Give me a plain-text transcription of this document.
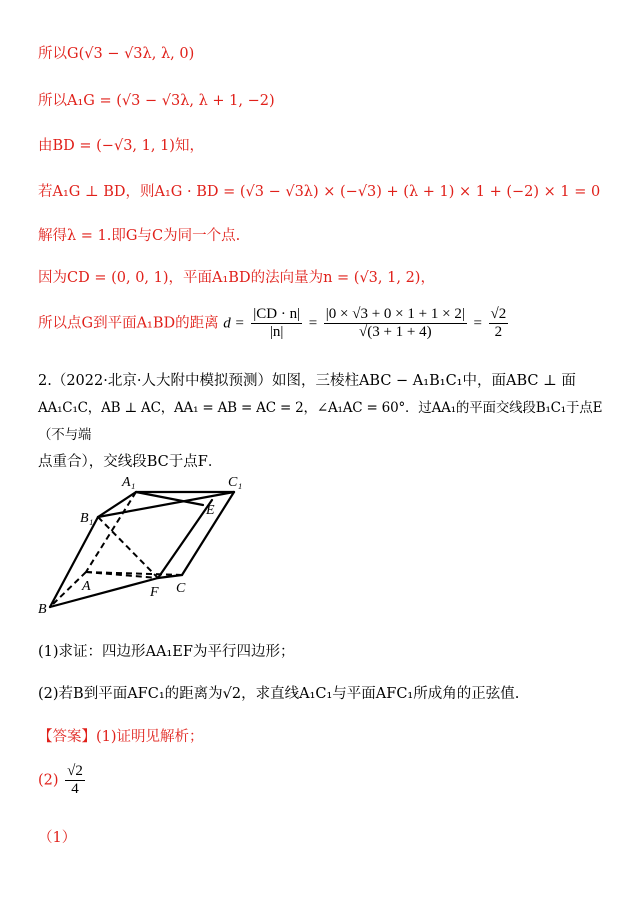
所以G(√3 − √3λ, λ, 0)
所以A₁G = (√3 − √3λ, λ + 1, −2)
由BD = (−√3, 1, 1)知，
若A₁G ⊥ BD，则A₁G · BD = (√3 − √3λ) × (−√3) + (λ + 1) × 1 + (−2) × 1 = 0
解得λ = 1.即G与C为同一个点.
因为CD = (0, 0, 1)，平面A₁BD的法向量为n = (√3, 1, 2)，
所以点G到平面A₁BD的距离 $d = \frac{|CD \cdot n|}{|n|} = \frac{|0 \times √3 + 0 \times 1 + 1 \times 2|}{√(3 + 1 + 4)} = \frac{√2}{2}$
2.（2022·北京·人大附中模拟预测）如图，三棱柱ABC − A₁B₁C₁中，面ABC ⊥ 面
AA₁C₁C，AB ⊥ AC，AA₁ = AB = AC = 2，∠A₁AC = 60°．过AA₁的平面交线段B₁C₁于点E（不与端
点重合），交线段BC于点F．
A₁	C₁
B₁
E
A	F C
B
(1)求证：四边形AA₁EF为平行四边形；
(2)若B到平面AFC₁的距离为√2，求直线A₁C₁与平面AFC₁所成角的正弦值.
【答案】(1)证明见解析；
$(2) \frac{√2}{4}$
（1）
